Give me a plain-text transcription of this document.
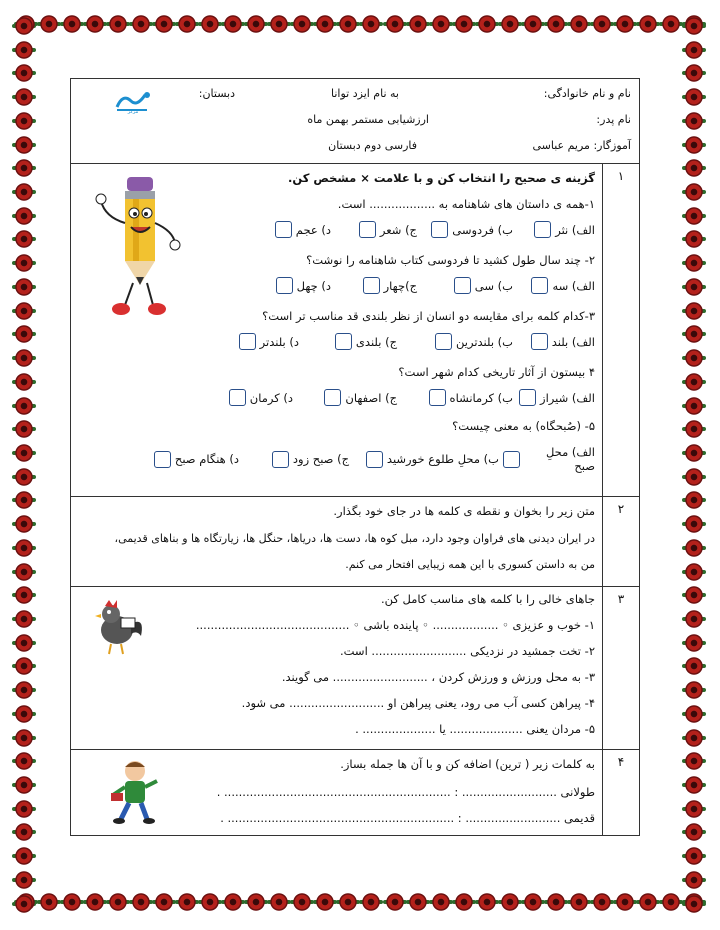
نام و نام خانوادگی:
به نام ایزد توانا
دبستان:
نام پدر:
ارزشیابی مستمر بهمن ماه
آموزگار: مریم عباسی
فارسی دوم دبستان
مرکز
۱
گزینه ی صحیح را انتخاب کن و با علامت × مشخص کن.
۱-همه ی داستان های شاهنامه به .................. است.
الف) نثر
ب) فردوسی
ج) شعر
د) عجم
۲- چند سال طول کشید تا فردوسی کتاب شاهنامه را نوشت؟
الف) سه
ب) سی
ج)چهار
د) چهل
۳-کدام کلمه برای مقایسه دو انسان از نظر بلندی قد مناسب تر است؟
الف) بلند
ب) بلندترین
ج) بلندی
د) بلندتر
۴ بیستون از آثار تاریخی کدام شهر است؟
الف) شیراز
ب) کرمانشاه
ج) اصفهان
د) کرمان
۵- (صُبحگاه) به معنی چیست؟
الف) محلِ صبح
ب) محلِ طلوع خورشید
ج) صبح زود
د) هنگام صبح
۲
متن زیر را بخوان و نقطه ی کلمه ها در جای خود بگذار.
در ایران دیدنی های فراوان وجود دارد، مبل کوه ها، دست ها، دریاها، حنگل ها، زیارتگاه ها و بناهای قدیمی،
من به داستن کسوری با این همه زیبایی افتحار می کنم.
۳
جاهای خالی را با کلمه های مناسب کامل کن.
۱- خوب و عزیزی ◦ .................. ◦ پاینده باشی ◦ ..........................................
۲- تخت جمشید در نزدیکی .......................... است.
۳- به محل ورزش و ورزش کردن ، .......................... می گویند.
۴- پیراهن کسی آب می رود، یعنی پیراهن او .......................... می شود.
۵- مردان یعنی .................... یا .................... .
۴
به کلمات زیر ( ترین) اضافه کن و با آن ها جمله بساز.
طولانی .......................... : .............................................................. .
قدیمی .......................... : .............................................................. .
